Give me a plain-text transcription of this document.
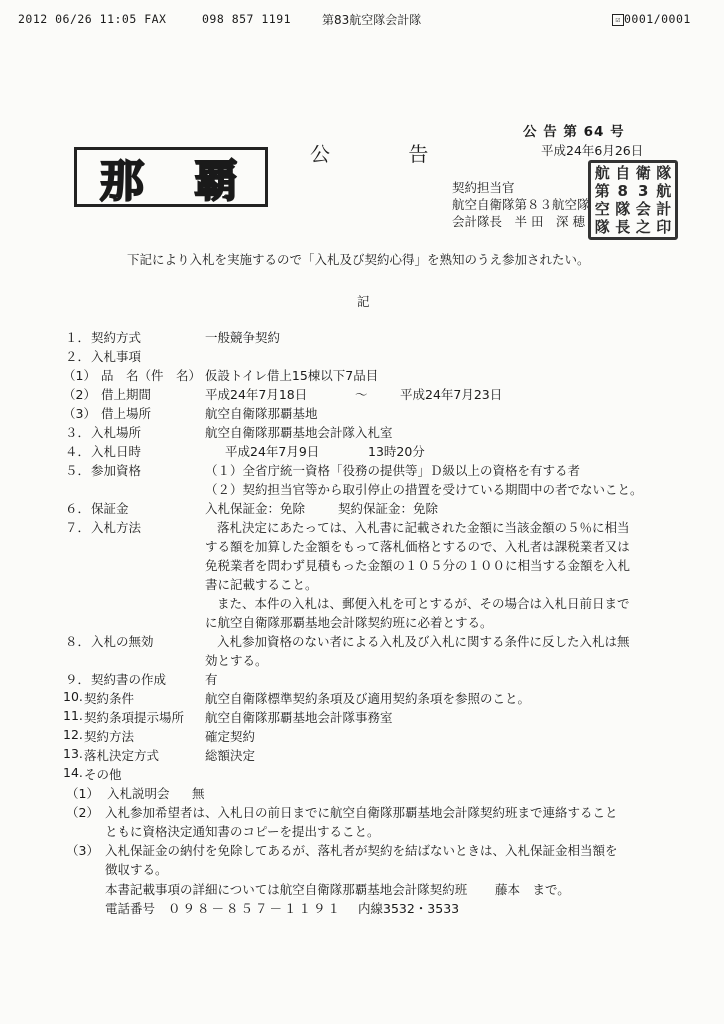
2012 06/26 11:05 FAX	098 857 1191	第83航空隊会計隊	☑ 0001/0001
公 告 第 64 号
平成24年6月26日
公 告
那 覇	契約担当官
航空自衛隊第８３航空隊
会計隊長　半 田　深 穂
航 自 衛 隊
第 8 3 航
空 隊 会 計
隊 長 之 印
下記により入札を実施するので「入札及び契約心得」を熟知のうえ参加されたい。
記
１． 契約方式	一般競争契約
２． 入札事項
（1） 品　名（件　名） 仮設トイレ借上15棟以下7品目
（2） 借上期間	平成24年7月18日	～	平成24年7月23日
（3） 借上場所	航空自衛隊那覇基地
３． 入札場所	航空自衛隊那覇基地会計隊入札室
４． 入札日時	平成24年7月9日	13時20分
５． 参加資格	（１）全省庁統一資格「役務の提供等」Ｄ級以上の資格を有する者
（２）契約担当官等から取引停止の措置を受けている期間中の者でないこと。
６． 保証金	入札保証金：免除	契約保証金：免除
７． 入札方法	落札決定にあたっては、入札書に記載された金額に当該金額の５％に相当
する額を加算した金額をもって落札価格とするので、入札者は課税業者又は
免税業者を問わず見積もった金額の１０５分の１００に相当する金額を入札
書に記載すること。
また、本件の入札は、郵便入札を可とするが、その場合は入札日前日まで
に航空自衛隊那覇基地会計隊契約班に必着とする。
８． 入札の無効	入札参加資格のない者による入札及び入札に関する条件に反した入札は無
効とする。
９． 契約書の作成	有
10. 契約条件	航空自衛隊標準契約条項及び適用契約条項を参照のこと。
11. 契約条項提示場所 航空自衛隊那覇基地会計隊事務室
12. 契約方法	確定契約
13. 落札決定方式	総額決定
14. その他
（1） 入札説明会 無
（2） 入札参加希望者は、入札日の前日までに航空自衛隊那覇基地会計隊契約班まで連絡すること
ともに資格決定通知書のコピーを提出すること。
（3） 入札保証金の納付を免除してあるが、落札者が契約を結ばないときは、入札保証金相当額を
徴収する。
本書記載事項の詳細については航空自衛隊那覇基地会計隊契約班 藤本　まで。
電話番号 ０９８－８５７－１１９１ 内線3532・3533
